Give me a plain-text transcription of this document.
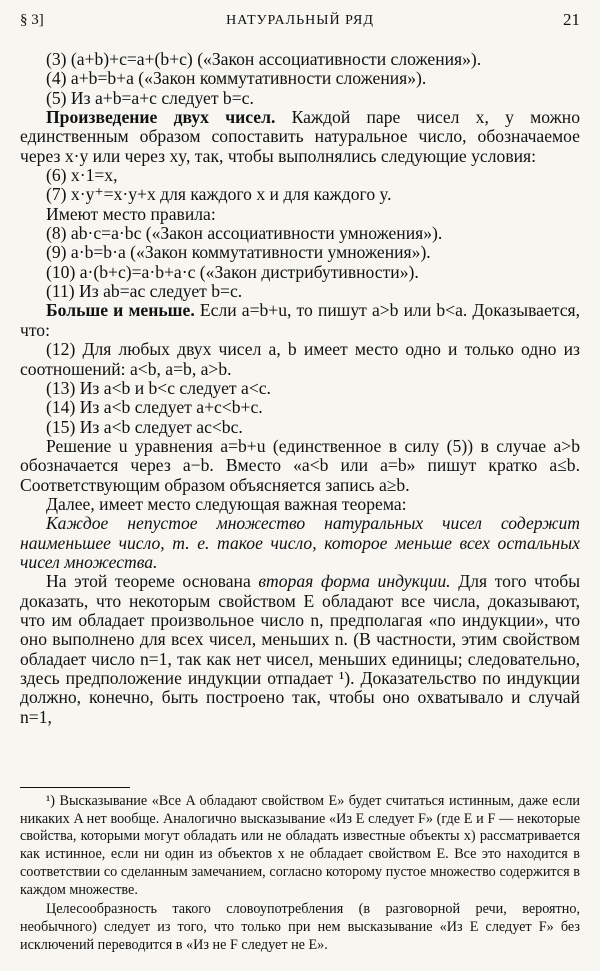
§ 3]	НАТУРАЛЬНЫЙ РЯД	21

(3) (a+b)+c=a+(b+c) («Закон ассоциативности сложения»).

(4) a+b=b+a («Закон коммутативности сложения»).

(5) Из a+b=a+c следует b=c.

Произведение двух чисел. Каждой паре чисел x, y можно единственным образом сопоставить натуральное число, обозначаемое через x·y или через xy, так, чтобы выполнялись следующие условия:

(6) x·1=x,

(7) x·y⁺=x·y+x для каждого x и для каждого y.

Имеют место правила:

(8) ab·c=a·bc («Закон ассоциативности умножения»).

(9) a·b=b·a («Закон коммутативности умножения»).

(10) a·(b+c)=a·b+a·c («Закон дистрибутивности»).

(11) Из ab=ac следует b=c.

Больше и меньше. Если a=b+u, то пишут a>b или b<a. Доказывается, что:

(12) Для любых двух чисел a, b имеет место одно и только одно из соотношений: a<b, a=b, a>b.

(13) Из a<b и b<c следует a<c.

(14) Из a<b следует a+c<b+c.

(15) Из a<b следует ac<bc.

Решение u уравнения a=b+u (единственное в силу (5)) в случае a>b обозначается через a−b. Вместо «a<b или a=b» пишут кратко a≤b. Соответствующим образом объясняется запись a≥b.

Далее, имеет место следующая важная теорема:

Каждое непустое множество натуральных чисел содержит наименьшее число, т. е. такое число, которое меньше всех остальных чисел множества.

На этой теореме основана вторая форма индукции. Для того чтобы доказать, что некоторым свойством E обладают все числа, доказывают, что им обладает произвольное число n, предполагая «по индукции», что оно выполнено для всех чисел, меньших n. (В частности, этим свойством обладает число n=1, так как нет чисел, меньших единицы; следовательно, здесь предположение индукции отпадает ¹). Доказательство по индукции должно, конечно, быть построено так, чтобы оно охватывало и случай n=1,

¹) Высказывание «Все A обладают свойством E» будет считаться истинным, даже если никаких A нет вообще. Аналогично высказывание «Из E следует F» (где E и F — некоторые свойства, которыми могут обладать или не обладать известные объекты x) рассматривается как истинное, если ни один из объектов x не обладает свойством E. Все это находится в соответствии со сделанным замечанием, согласно которому пустое множество содержится в каждом множестве.

Целесообразность такого словоупотребления (в разговорной речи, вероятно, необычного) следует из того, что только при нем высказывание «Из E следует F» без исключений переводится в «Из не F следует не E».
